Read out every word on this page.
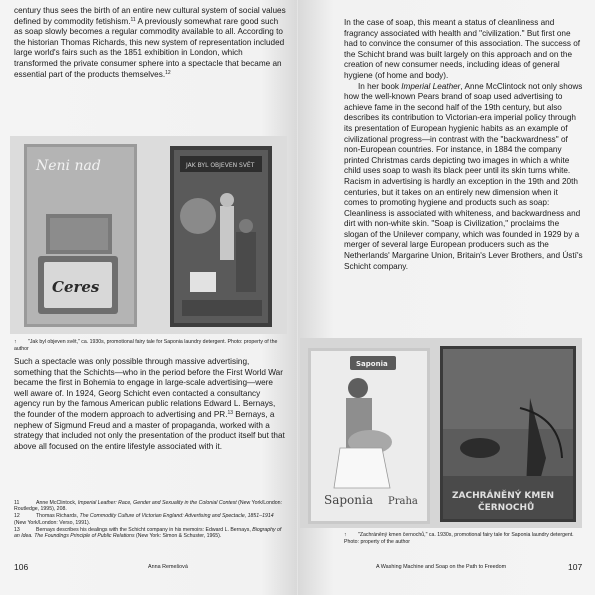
century thus sees the birth of an entire new cultural system of social values defined by commodity fetishism.$^{11}$ A previously somewhat rare good such as soap slowly becomes a regular commodity available to all. According to the historian Thomas Richards, this new system of representation included large world's fairs such as the 1851 exhibition in London, which transformed the private consumer sphere into a spectacle that became an essential part of the products themselves.$^{12}$

Neni nad
Ceres
JAK BYL OBJEVEN SVĚT
↑ "Jak byl objeven svět," ca. 1930s, promotional fairy tale for Saponia laundry detergent. Photo: property of the author

Such a spectacle was only possible through massive advertising, something that the Schichts—who in the period before the First World War became the first in Bohemia to engage in large-scale advertising—were well aware of. In 1924, Georg Schicht even contacted a consultancy agency run by the famous American public relations Edward L. Bernays, the founder of the modern approach to advertising and PR.$^{13}$ Bernays, a nephew of Sigmund Freud and a master of propaganda, worked with a strategy that included not only the presentation of the product itself but that above all focused on the entire lifestyle associated with it.

11	Anne McClintock, Imperial Leather: Race, Gender and Sexuality in the Colonial Contest (New York/London: Routledge, 1995), 208.

12	Thomas Richards, The Commodity Culture of Victorian England: Advertising and Spectacle, 1851–1914 (New York/London: Verso, 1991).

13	Bernays describes his dealings with the Schicht company in his memoirs: Edward L. Bernays, Biography of an Idea. The Foundings Principle of Public Relations (New York: Simon & Schuster, 1965).

106	Anna Remešová

In the case of soap, this meant a status of cleanliness and fragrancy associated with health and "civilization." But first one had to convince the consumer of this association. The success of the Schicht brand was built largely on this approach and on the creation of new consumer needs, including ideas of general hygiene (of home and body).

In her book Imperial Leather, Anne McClintock not only shows how the well-known Pears brand of soap used advertising to achieve fame in the second half of the 19th century, but also describes its contribution to Victorian-era imperial policy through its presentation of European hygienic habits as an example of civilizational progress—in contrast with the "backwardness" of non-European countries. For instance, in 1884 the company printed Christmas cards depicting two images in which a white child uses soap to wash its black peer until its skin turns white. Racism in advertising is hardly an exception in the 19th and 20th centuries, but it takes on an entirely new dimension when it comes to promoting hygiene and products such as soap: Cleanliness is associated with whiteness, and backwardness and dirt with non-white skin. "Soap is Civilization," proclaims the slogan of the Unilever company, which was founded in 1929 by a merger of several large European producers such as the Netherlands' Margarine Union, Britain's Lever Brothers, and Ústí's Schicht company.

Saponia
Saponia Praha	ZACHRÁNĚNÝ KMEN
ČERNOCHŮ
↑ "Zachráněný kmen černochů," ca. 1930s, promotional fairy tale for Saponia laundry detergent. Photo: property of the author
A Washing Machine and Soap on the Path to Freedom	107
